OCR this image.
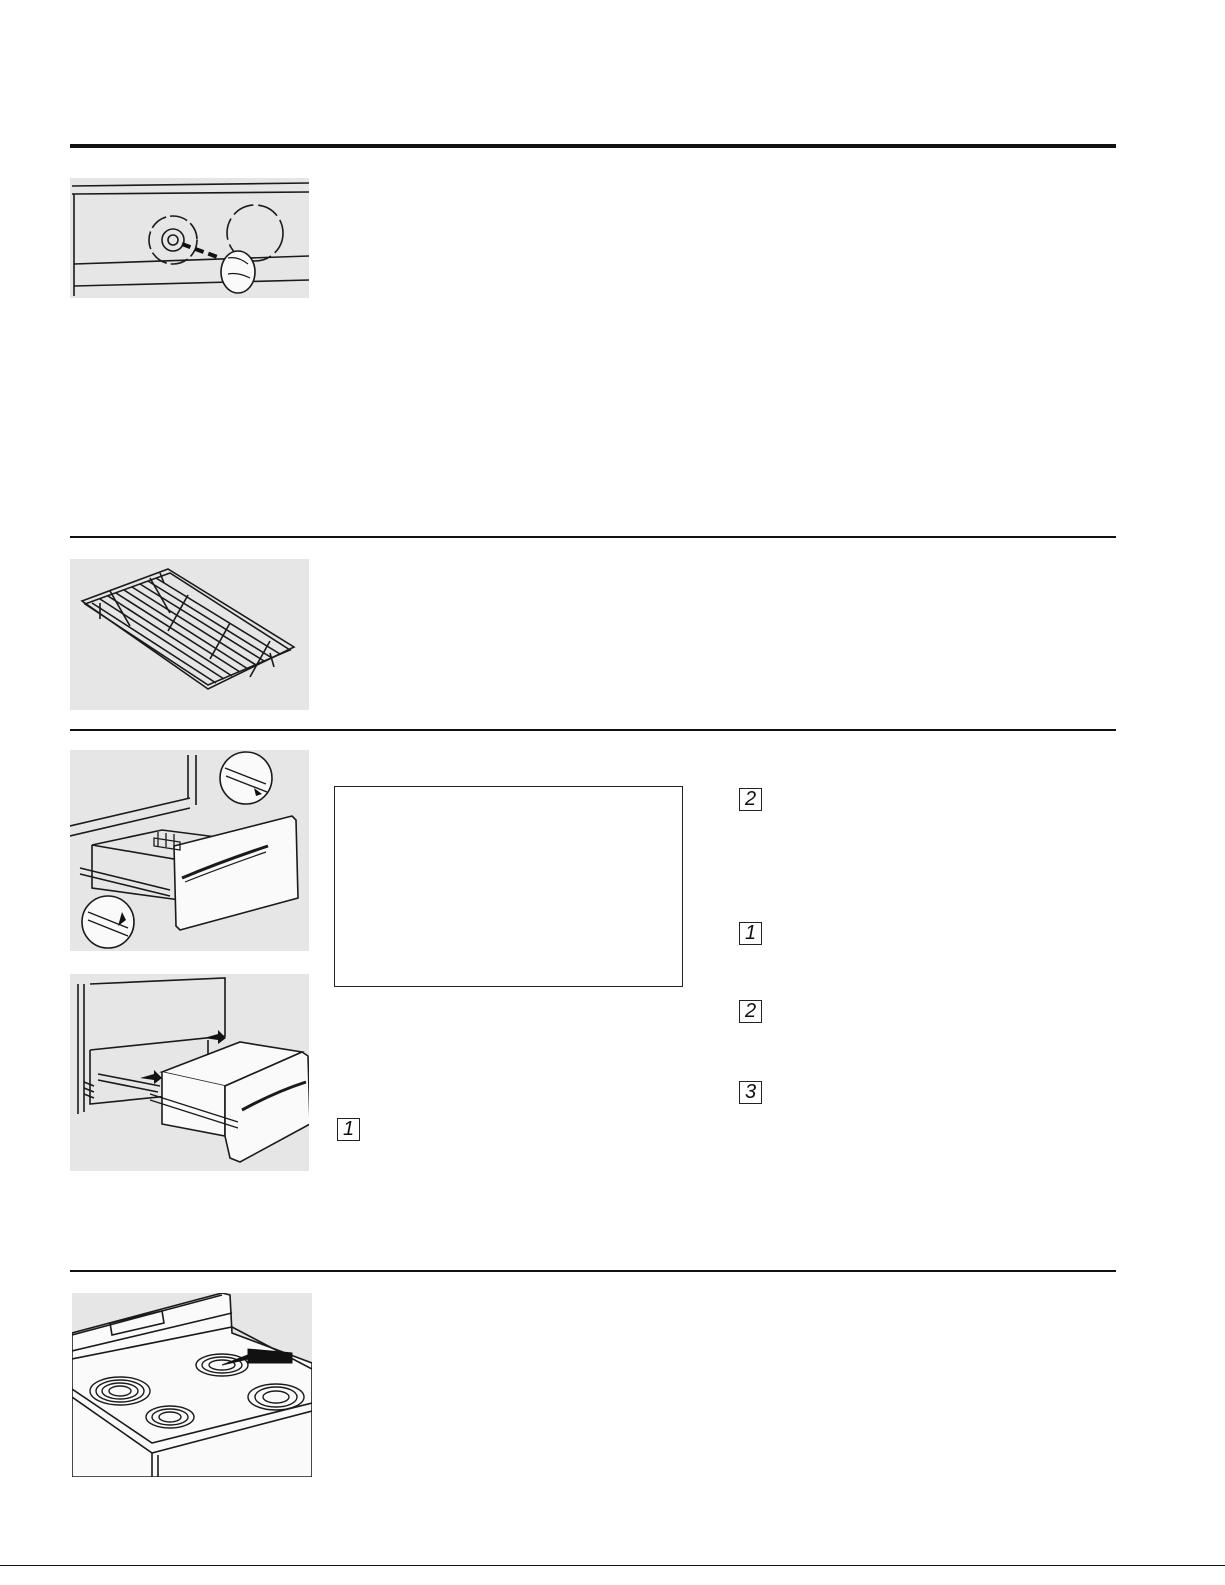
2
1
2
3
1
